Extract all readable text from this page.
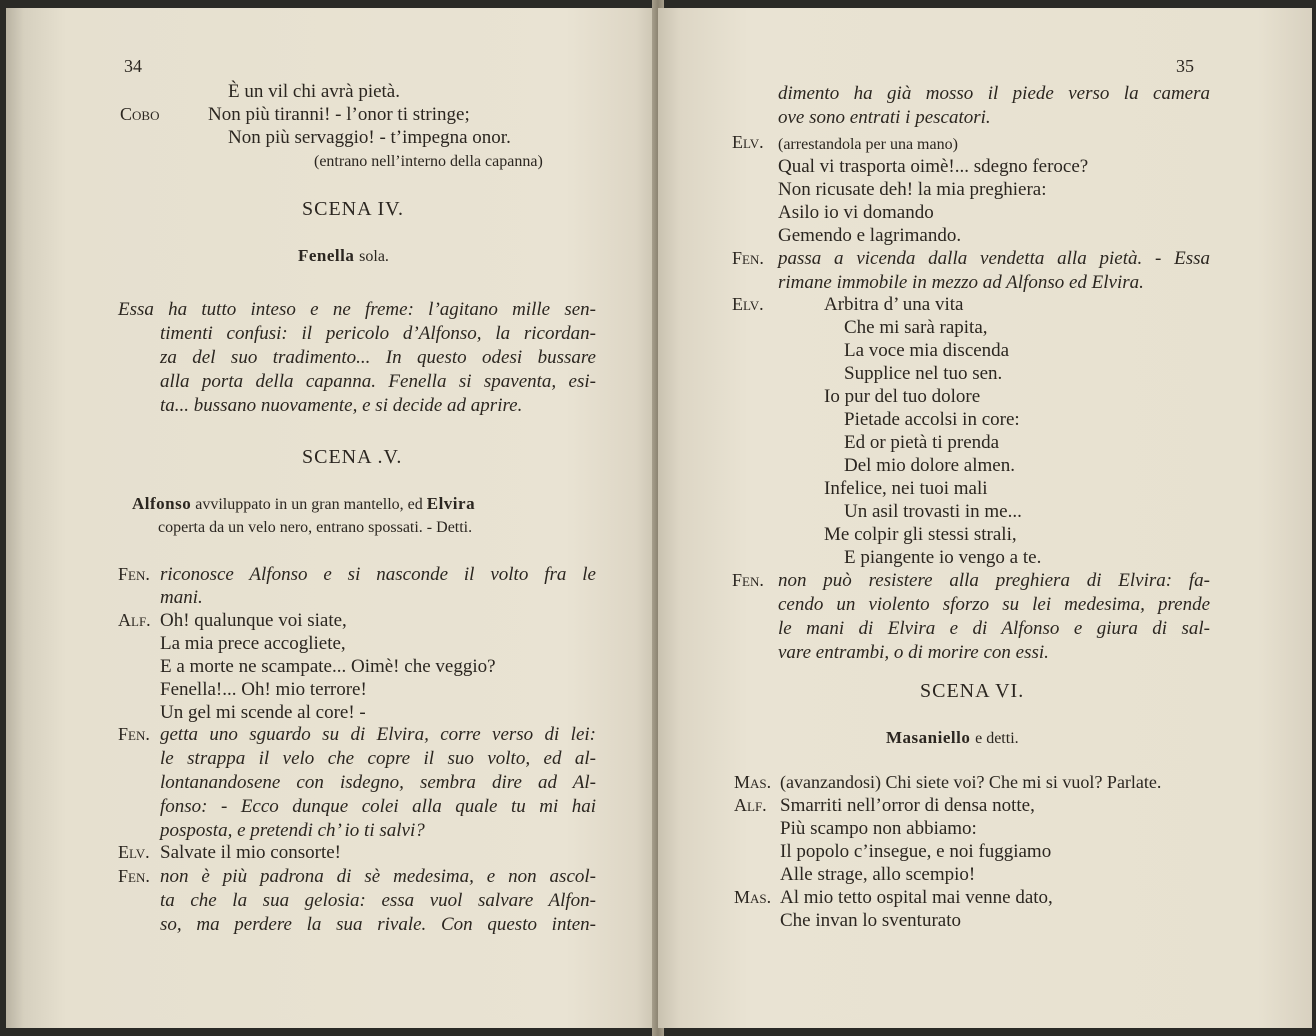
34
È un vil chi avrà pietà.
Cobo	Non più tiranni! - l’onor ti stringe;
Non più servaggio! - t’impegna onor.
(entrano nell’interno della capanna)
SCENA IV.
Fenella sola.
Essa ha tutto inteso e ne freme: l’agitano mille sen-
timenti confusi: il pericolo d’Alfonso, la ricordan-
za del suo tradimento... In questo odesi bussare
alla porta della capanna. Fenella si spaventa, esi-
ta... bussano nuovamente, e si decide ad aprire.
SCENA .V.
Alfonso avviluppato in un gran mantello, ed Elvira
coperta da un velo nero, entrano spossati. - Detti.
Fen. riconosce Alfonso e si nasconde il volto fra le
mani.
Alf. Oh! qualunque voi siate,
La mia prece accogliete,
E a morte ne scampate... Oimè! che veggio?
Fenella!... Oh! mio terrore!
Un gel mi scende al core! -
Fen. getta uno sguardo su di Elvira, corre verso di lei:
le strappa il velo che copre il suo volto, ed al-
lontanandosene con isdegno, sembra dire ad Al-
fonso: - Ecco dunque colei alla quale tu mi hai
posposta, e pretendi ch’ io ti salvi?
Elv. Salvate il mio consorte!
Fen. non è più padrona di sè medesima, e non ascol-
ta che la sua gelosia: essa vuol salvare Alfon-
so, ma perdere la sua rivale. Con questo inten-
35
dimento ha già mosso il piede verso la camera
ove sono entrati i pescatori.
Elv. (arrestandola per una mano)
Qual vi trasporta oimè!... sdegno feroce?
Non ricusate deh! la mia preghiera:
Asilo io vi domando
Gemendo e lagrimando.
Fen. passa a vicenda dalla vendetta alla pietà. - Essa
rimane immobile in mezzo ad Alfonso ed Elvira.
Elv.	Arbitra d’ una vita
Che mi sarà rapita,
La voce mia discenda
Supplice nel tuo sen.
Io pur del tuo dolore
Pietade accolsi in core:
Ed or pietà ti prenda
Del mio dolore almen.
Infelice, nei tuoi mali
Un asil trovasti in me...
Me colpir gli stessi strali,
E piangente io vengo a te.
Fen. non può resistere alla preghiera di Elvira: fa-
cendo un violento sforzo su lei medesima, prende
le mani di Elvira e di Alfonso e giura di sal-
vare entrambi, o di morire con essi.
SCENA VI.
Masaniello e detti.
Mas. (avanzandosi) Chi siete voi? Che mi si vuol? Parlate.
Alf. Smarriti nell’orror di densa notte,
Più scampo non abbiamo:
Il popolo c’insegue, e noi fuggiamo
Alle strage, allo scempio!
Mas. Al mio tetto ospital mai venne dato,
Che invan lo sventurato
